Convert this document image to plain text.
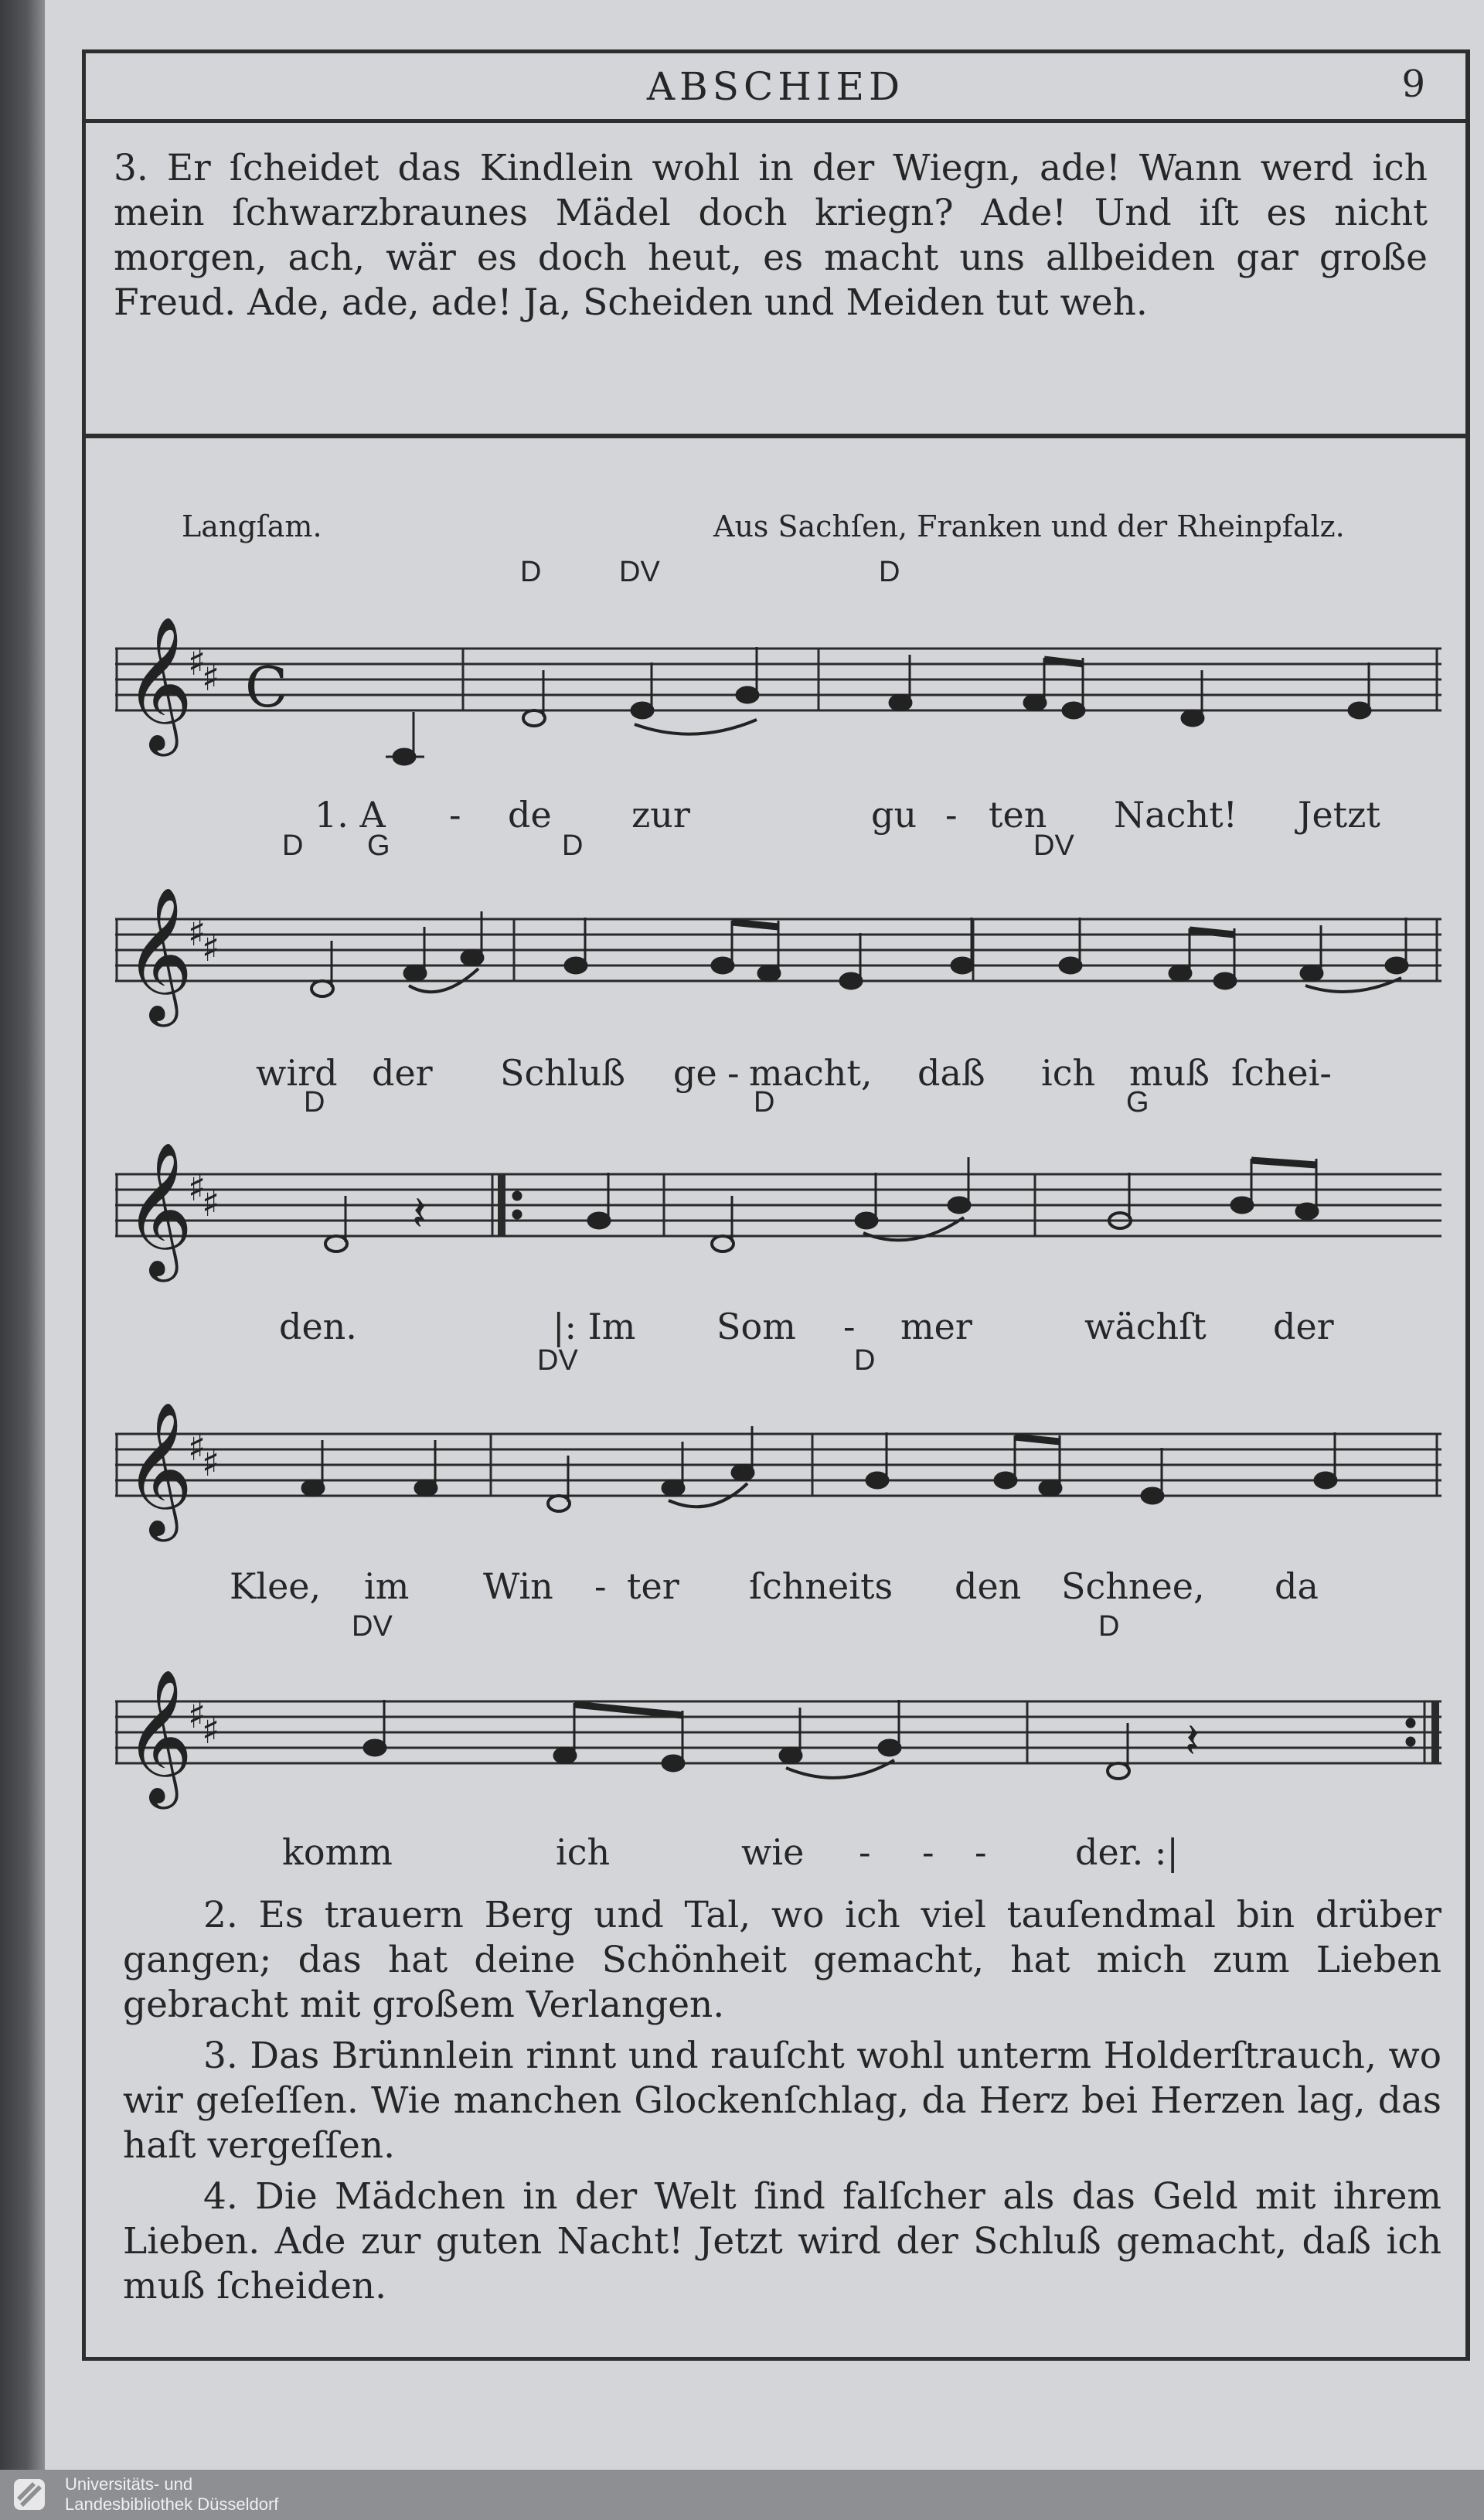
ABSCHIED	9
3. Er ſcheidet das Kindlein wohl in der Wiegn, ade! Wann werd ich mein ſchwarzbraunes Mädel doch kriegn? Ade! Und iſt es nicht morgen, ach, wär es doch heut, es macht uns allbeiden gar große Freud. Ade, ade, ade! Ja, Scheiden und Meiden tut weh.
Langſam.	Aus Sachſen, Franken und der Rheinpfalz.
D	DV	D
𝄞
♯
♯ C
1. A - de zur	gu - ten Nacht! Jetzt
D G	D	DV
𝄞
♯
♯
wird der Schluß ge - macht, daß ich muß ſchei-
D	D	G
𝄞
♯
♯	𝄽
den.	|: Im Som - mer	wächſt der
DV	D
𝄞
♯
♯
Klee, im Win - ter ſchneits den Schnee, da
DV	D
𝄞
♯
♯	𝄽
komm	ich	wie - - - der. :|

2. Es trauern Berg und Tal, wo ich viel tauſendmal bin drüber gangen; das hat deine Schönheit gemacht, hat mich zum Lieben gebracht mit großem Verlangen.

3. Das Brünnlein rinnt und rauſcht wohl unterm Holderſtrauch, wo wir geſeſſen. Wie manchen Glockenſchlag, da Herz bei Herzen lag, das haſt vergeſſen.

4. Die Mädchen in der Welt ſind falſcher als das Geld mit ihrem Lieben. Ade zur guten Nacht! Jetzt wird der Schluß gemacht, daß ich muß ſcheiden.

Universitäts- und
Landesbibliothek Düsseldorf
